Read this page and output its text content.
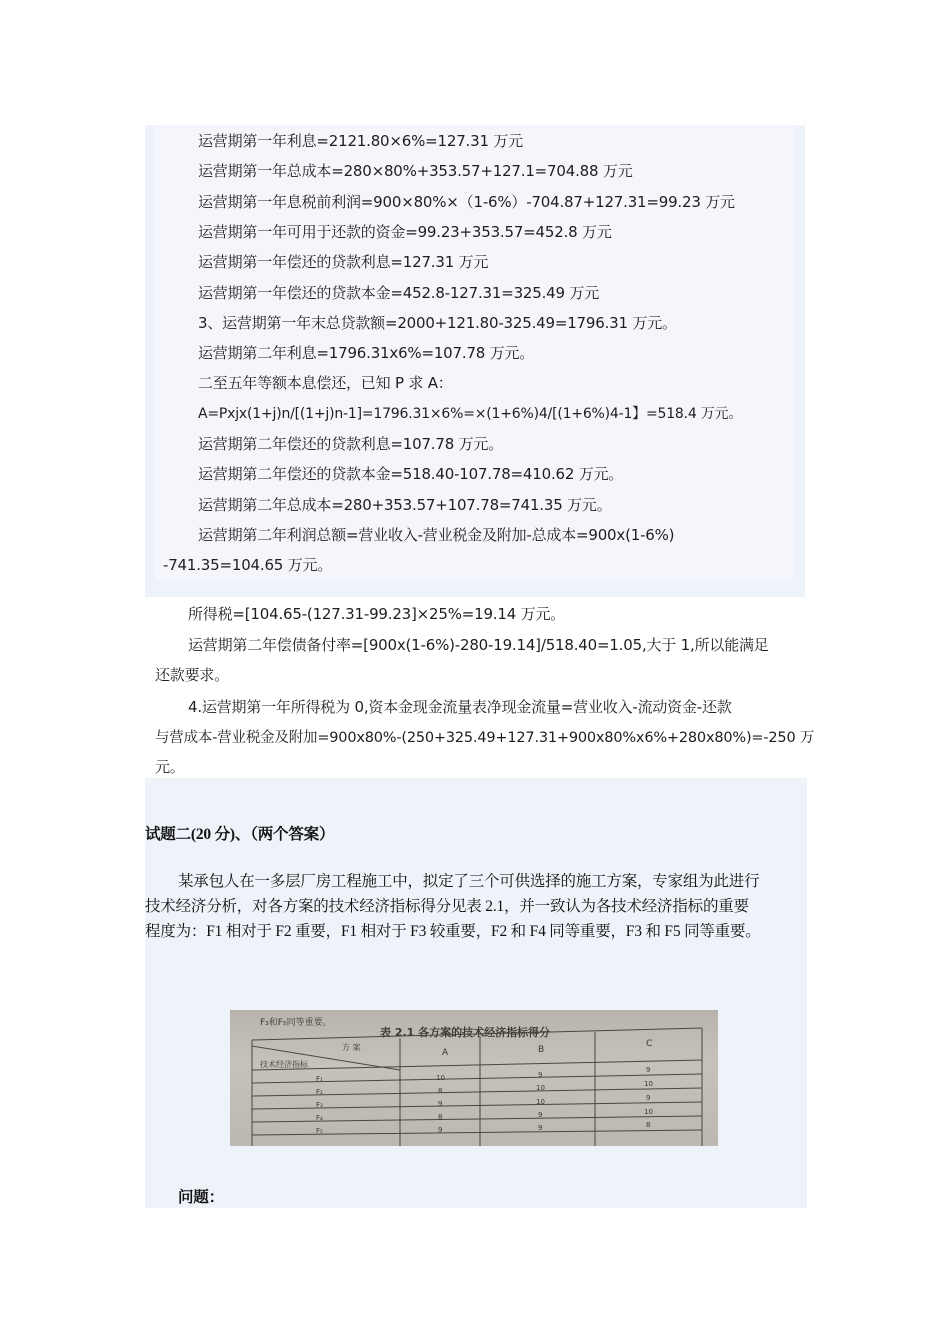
运营期第一年利息=2121.80×6%=127.31 万元
运营期第一年总成本=280×80%+353.57+127.1=704.88 万元
运营期第一年息税前利润=900×80%×（1-6%）-704.87+127.31=99.23 万元
运营期第一年可用于还款的资金=99.23+353.57=452.8 万元
运营期第一年偿还的贷款利息=127.31 万元
运营期第一年偿还的贷款本金=452.8-127.31=325.49 万元
3、运营期第一年末总贷款额=2000+121.80-325.49=1796.31 万元。
运营期第二年利息=1796.31x6%=107.78 万元。
二至五年等额本息偿还，已知 P 求 A：
A=Pxjx(1+j)n/[(1+j)n-1]=1796.31×6%=×(1+6%)4/[(1+6%)4-1】=518.4 万元。
运营期第二年偿还的贷款利息=107.78 万元。
运营期第二年偿还的贷款本金=518.40-107.78=410.62 万元。
运营期第二年总成本=280+353.57+107.78=741.35 万元。
运营期第二年利润总额=营业收入-营业税金及附加-总成本=900x(1-6%)
-741.35=104.65 万元。
所得税=[104.65-(127.31-99.23]×25%=19.14 万元。
运营期第二年偿债备付率=[900x(1-6%)-280-19.14]/518.40=1.05,大于 1,所以能满足
还款要求。
4.运营期第一年所得税为 0,资本金现金流量表净现金流量=营业收入-流动资金-还款
与营成本-营业税金及附加=900x80%-(250+325.49+127.31+900x80%x6%+280x80%)=-250 万
元。
试题二(20 分)、（两个答案）
某承包人在一多层厂房工程施工中，拟定了三个可供选择的施工方案，专家组为此进行
技术经济分析，对各方案的技术经济指标得分见表 2.1，并一致认为各技术经济指标的重要
程度为：F1 相对于 F2 重要，F1 相对于 F3 较重要，F2 和 F4 同等重要，F3 和 F5 同等重要。
F₃和F₅同等重要。
表 2.1 各方案的技术经济指标得分
方 案
技术经济指标
A	B
C
F₁
F₂
F₃
F₄
F₅
10
8
9
8
9
9
10
10
9
9
9
10
9
10
8
问题：
